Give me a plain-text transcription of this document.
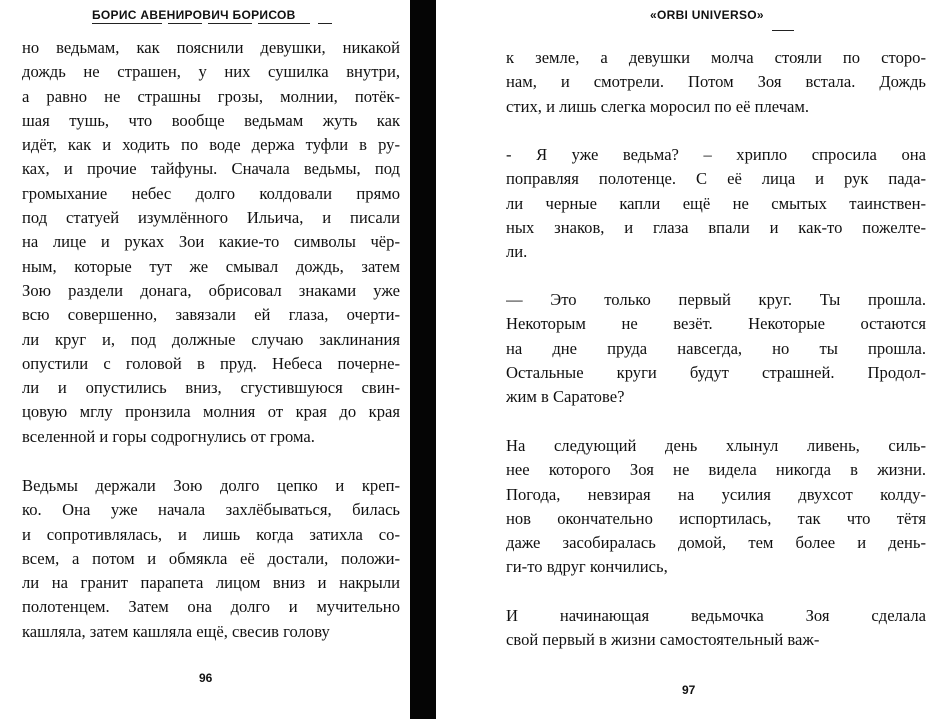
БОРИС АВЕНИРОВИЧ БОРИСОВ
но ведьмам, как пояснили девушки, никакой
дождь не страшен, у них сушилка внутри,
а равно не страшны грозы, молнии, потёк-
шая тушь, что вообще ведьмам жуть как
идёт, как и ходить по воде держа туфли в ру-
ках, и прочие тайфуны. Сначала ведьмы, под
громыхание небес долго колдовали прямо
под статуей изумлённого Ильича, и писали
на лице и руках Зои какие-то символы чёр-
ным, которые тут же смывал дождь, затем
Зою раздели донага, обрисовал знаками уже
всю совершенно, завязали ей глаза, очерти-
ли круг и, под должные случаю заклинания
опустили с головой в пруд. Небеса почерне-
ли и опустились вниз, сгустившуюся свин-
цовую мглу пронзила молния от края до края
вселенной и горы содрогнулись от грома.
Ведьмы держали Зою долго цепко и креп-
ко. Она уже начала захлёбываться, билась
и сопротивлялась, и лишь когда затихла со-
всем, а потом и обмякла её достали, положи-
ли на гранит парапета лицом вниз и накрыли
полотенцем. Затем она долго и мучительно
кашляла, затем кашляла ещё, свесив голову
96
«ORBI UNIVERSO»
к земле, а девушки молча стояли по сторо-
нам, и смотрели. Потом Зоя встала. Дождь
стих, и лишь слегка моросил по её плечам.
- Я уже ведьма? – хрипло спросила она
поправляя полотенце. С её лица и рук пада-
ли черные капли ещё не смытых таинствен-
ных знаков, и глаза впали и как-то пожелте-
ли.
— Это только первый круг. Ты прошла.
Некоторым не везёт. Некоторые остаются
на дне пруда навсегда, но ты прошла.
Остальные круги будут страшней. Продол-
жим в Саратове?
На следующий день хлынул ливень, силь-
нее которого Зоя не видела никогда в жизни.
Погода, невзирая на усилия двухсот колду-
нов окончательно испортилась, так что тётя
даже засобиралась домой, тем более и день-
ги-то вдруг кончились,
И начинающая ведьмочка Зоя сделала
свой первый в жизни самостоятельный важ-
97
